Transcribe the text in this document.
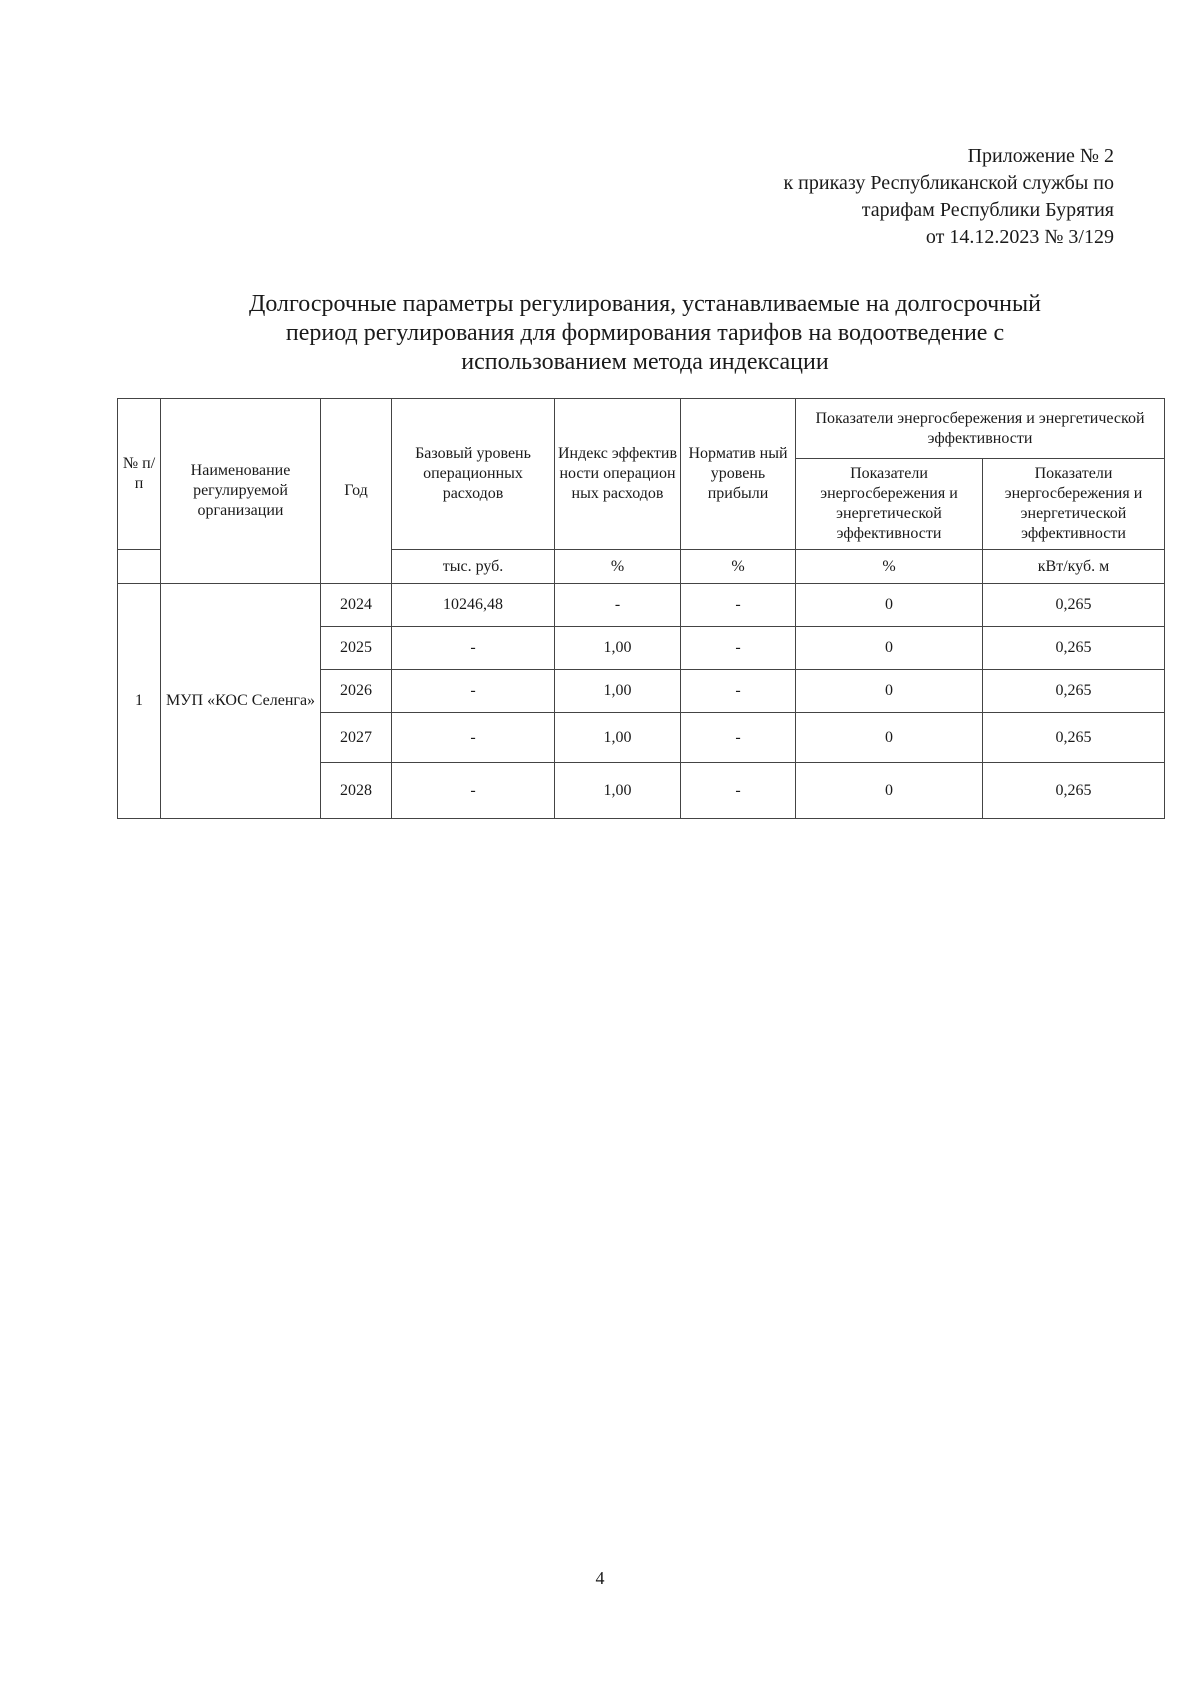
Приложение № 2
к приказу Республиканской службы по
тарифам Республики Бурятия
от 14.12.2023 № 3/129
Долгосрочные параметры регулирования, устанавливаемые на долгосрочный
период регулирования для формирования тарифов на водоотведение с
использованием метода индексации
№ п/п	Наименование регулируемой организации	Год	Базовый уровень операционных расходов	Индекс эффектив ности операцион ных расходов	Норматив ный уровень прибыли	Показатели энергосбережения и энергетической эффективности	
						Показатели энергосбережения и энергетической эффективности	Показатели энергосбережения и энергетической эффективности
			тыс. руб.	%	%	%	кВт/куб. м
1	МУП «КОС Селенга»	2024	10246,48	-	-	0	0,265
		2025	-	1,00	-	0	0,265
		2026	-	1,00	-	0	0,265
		2027	-	1,00	-	0	0,265
		2028	-	1,00	-	0	0,265
4
